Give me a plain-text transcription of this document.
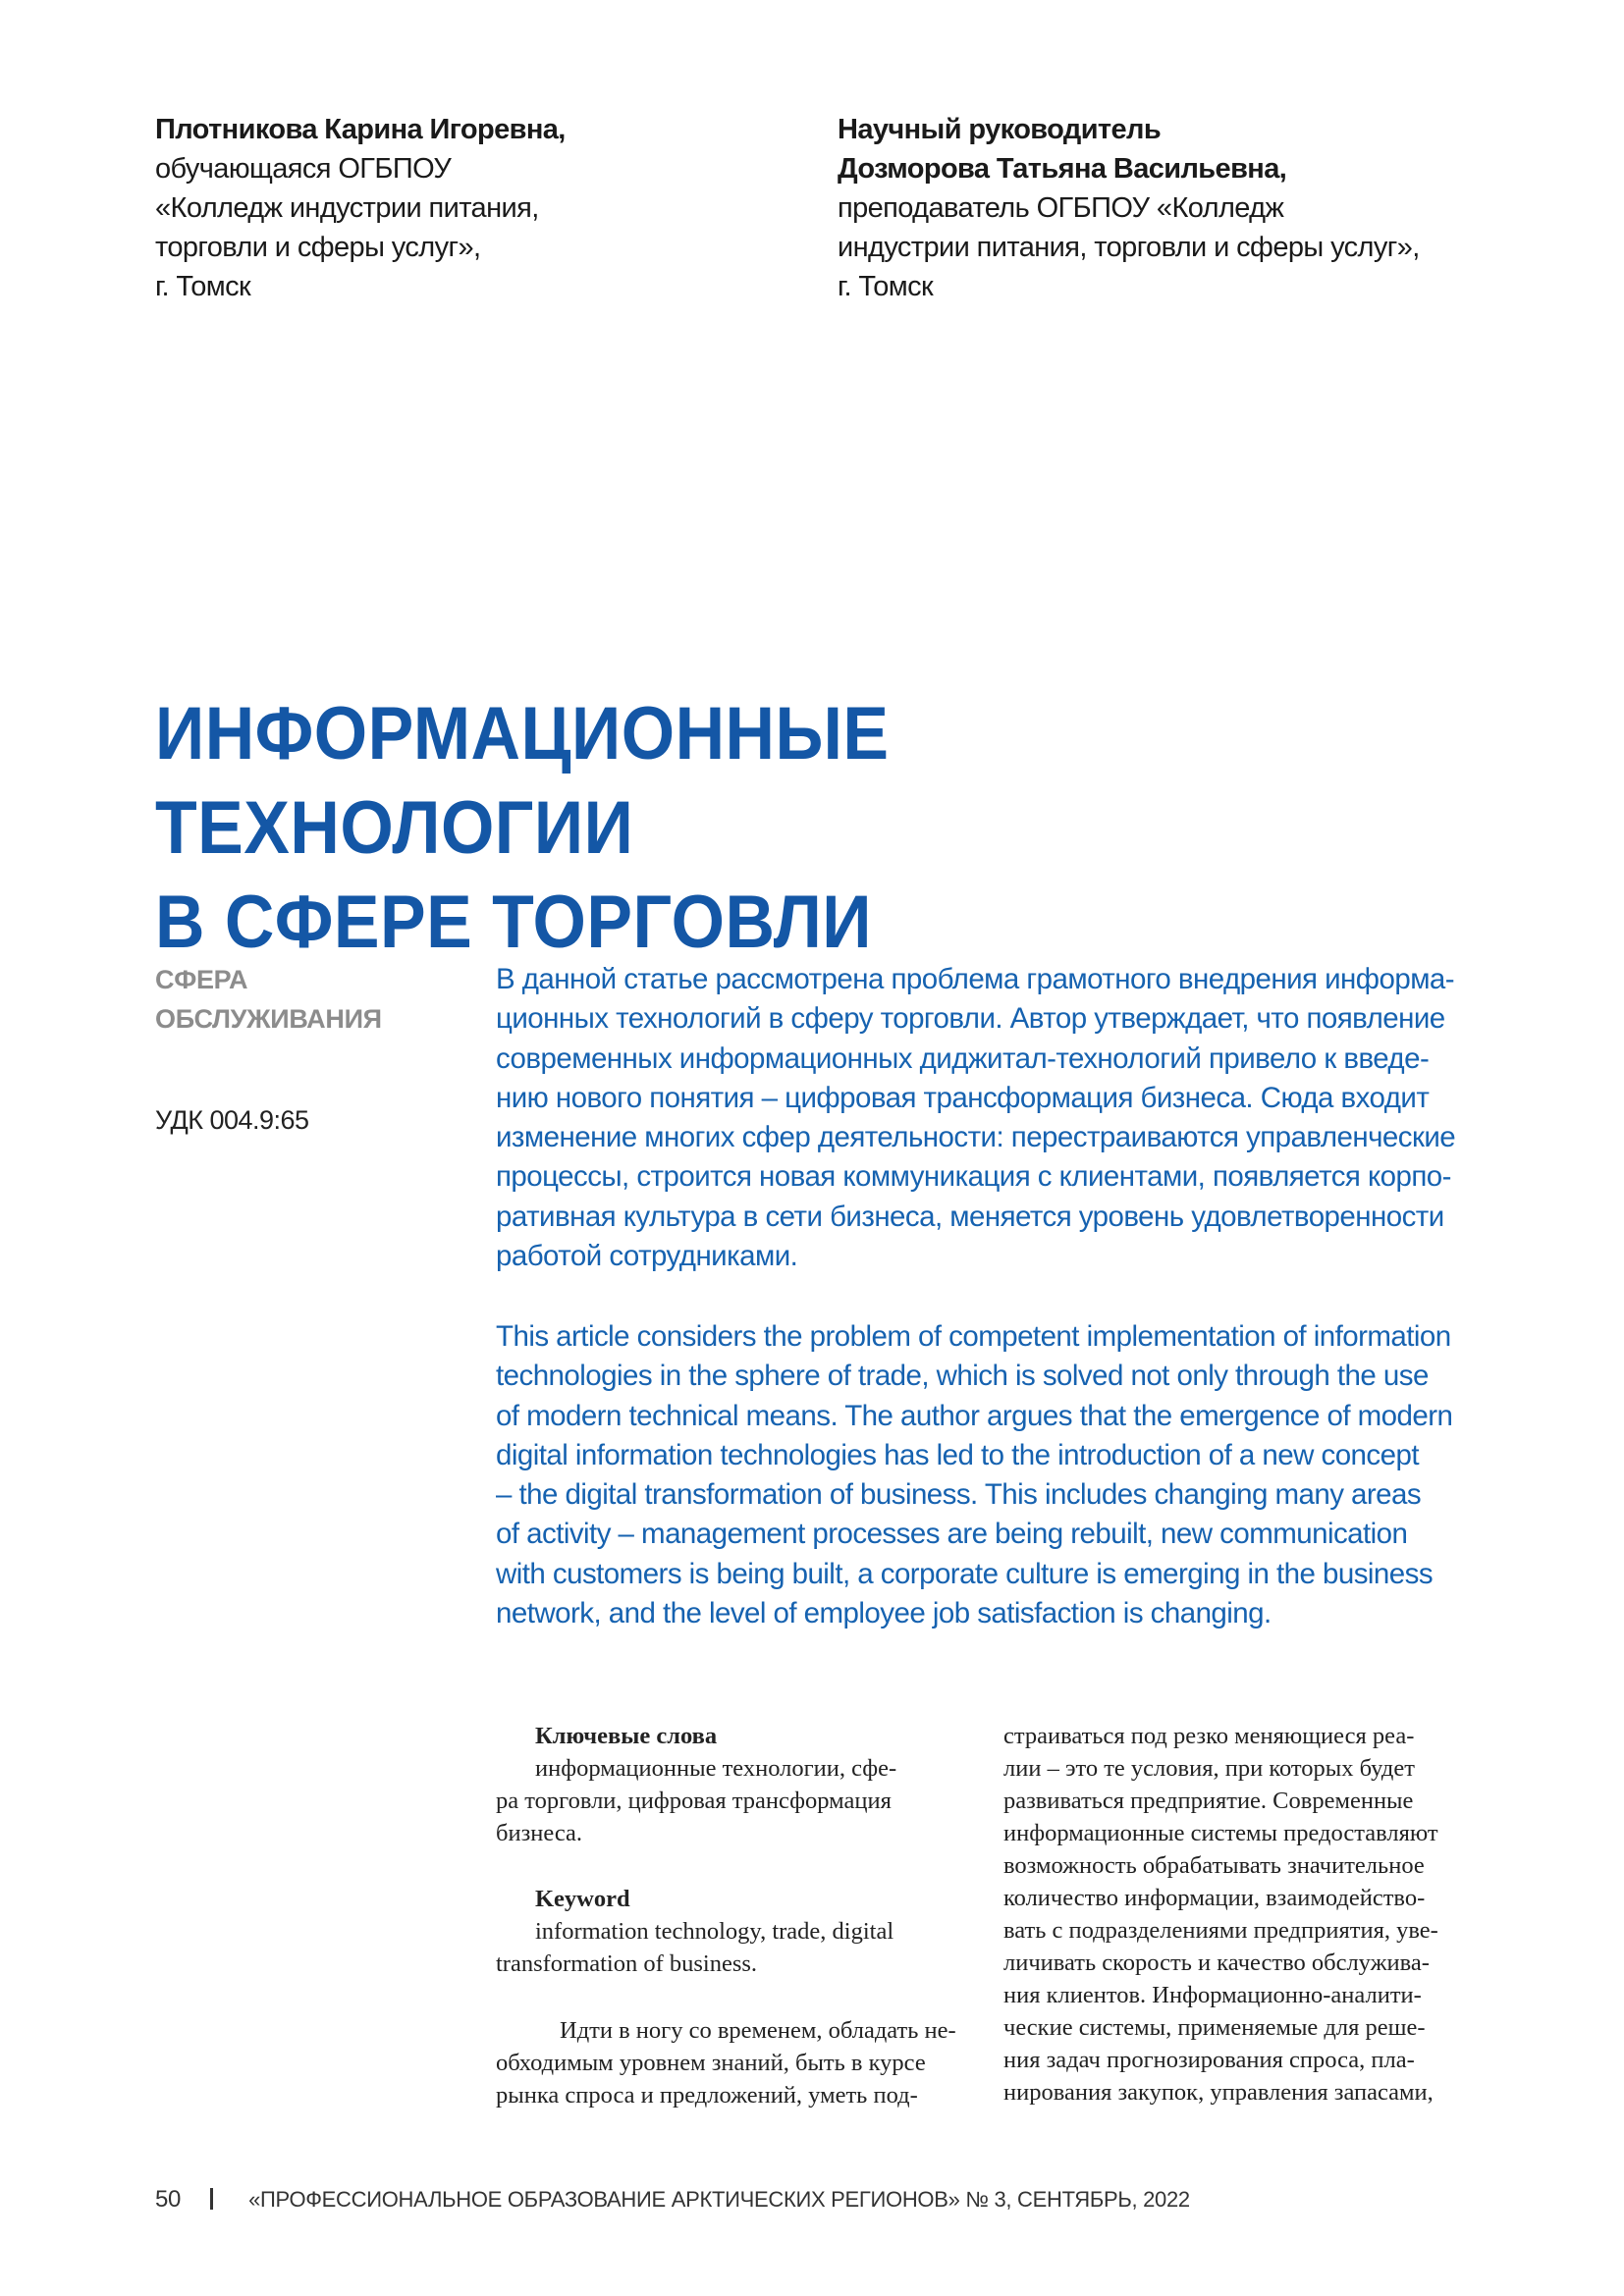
Плотникова Карина Игоревна,
обучающаяся ОГБПОУ
«Колледж индустрии питания,
торговли и сферы услуг»,
г. Томск
Научный руководитель
Дозморова Татьяна Васильевна,
преподаватель ОГБПОУ «Колледж
индустрии питания, торговли и сферы услуг»,
г. Томск
ИНФОРМАЦИОННЫЕ ТЕХНОЛОГИИ
В СФЕРЕ ТОРГОВЛИ
СФЕРА
ОБСЛУЖИВАНИЯ
УДК 004.9:65
В данной статье рассмотрена проблема грамотного внедрения информа-
ционных технологий в сферу торговли. Автор утверждает, что появление
современных информационных диджитал-технологий привело к введе-
нию нового понятия – цифровая трансформация бизнеса. Сюда входит
изменение многих сфер деятельности: перестраиваются управленческие
процессы, строится новая коммуникация с клиентами, появляется корпо-
ративная культура в сети бизнеса, меняется уровень удовлетворенности
работой сотрудниками.
This article considers the problem of competent implementation of information
technologies in the sphere of trade, which is solved not only through the use
of modern technical means. The author argues that the emergence of modern
digital information technologies has led to the introduction of a new concept
– the digital transformation of business. This includes changing many areas
of activity – management processes are being rebuilt, new communication
with customers is being built, a corporate culture is emerging in the business
network, and the level of employee job satisfaction is changing.
Ключевые слова
информационные технологии, сфе-
ра торговли, цифровая трансформация
бизнеса.
Keyword
information technology, trade, digital
transformation of business.
Идти в ногу со временем, обладать не-
обходимым уровнем знаний, быть в курсе
рынка спроса и предложений, уметь под-
страиваться под резко меняющиеся реа-
лии – это те условия, при которых будет
развиваться предприятие. Современные
информационные системы предоставляют
возможность обрабатывать значительное
количество информации, взаимодейство-
вать с подразделениями предприятия, уве-
личивать скорость и качество обслужива-
ния клиентов. Информационно-аналити-
ческие системы, применяемые для реше-
ния задач прогнозирования спроса, пла-
нирования закупок, управления запасами,
50	«ПРОФЕССИОНАЛЬНОЕ ОБРАЗОВАНИЕ АРКТИЧЕСКИХ РЕГИОНОВ» № 3, СЕНТЯБРЬ, 2022
